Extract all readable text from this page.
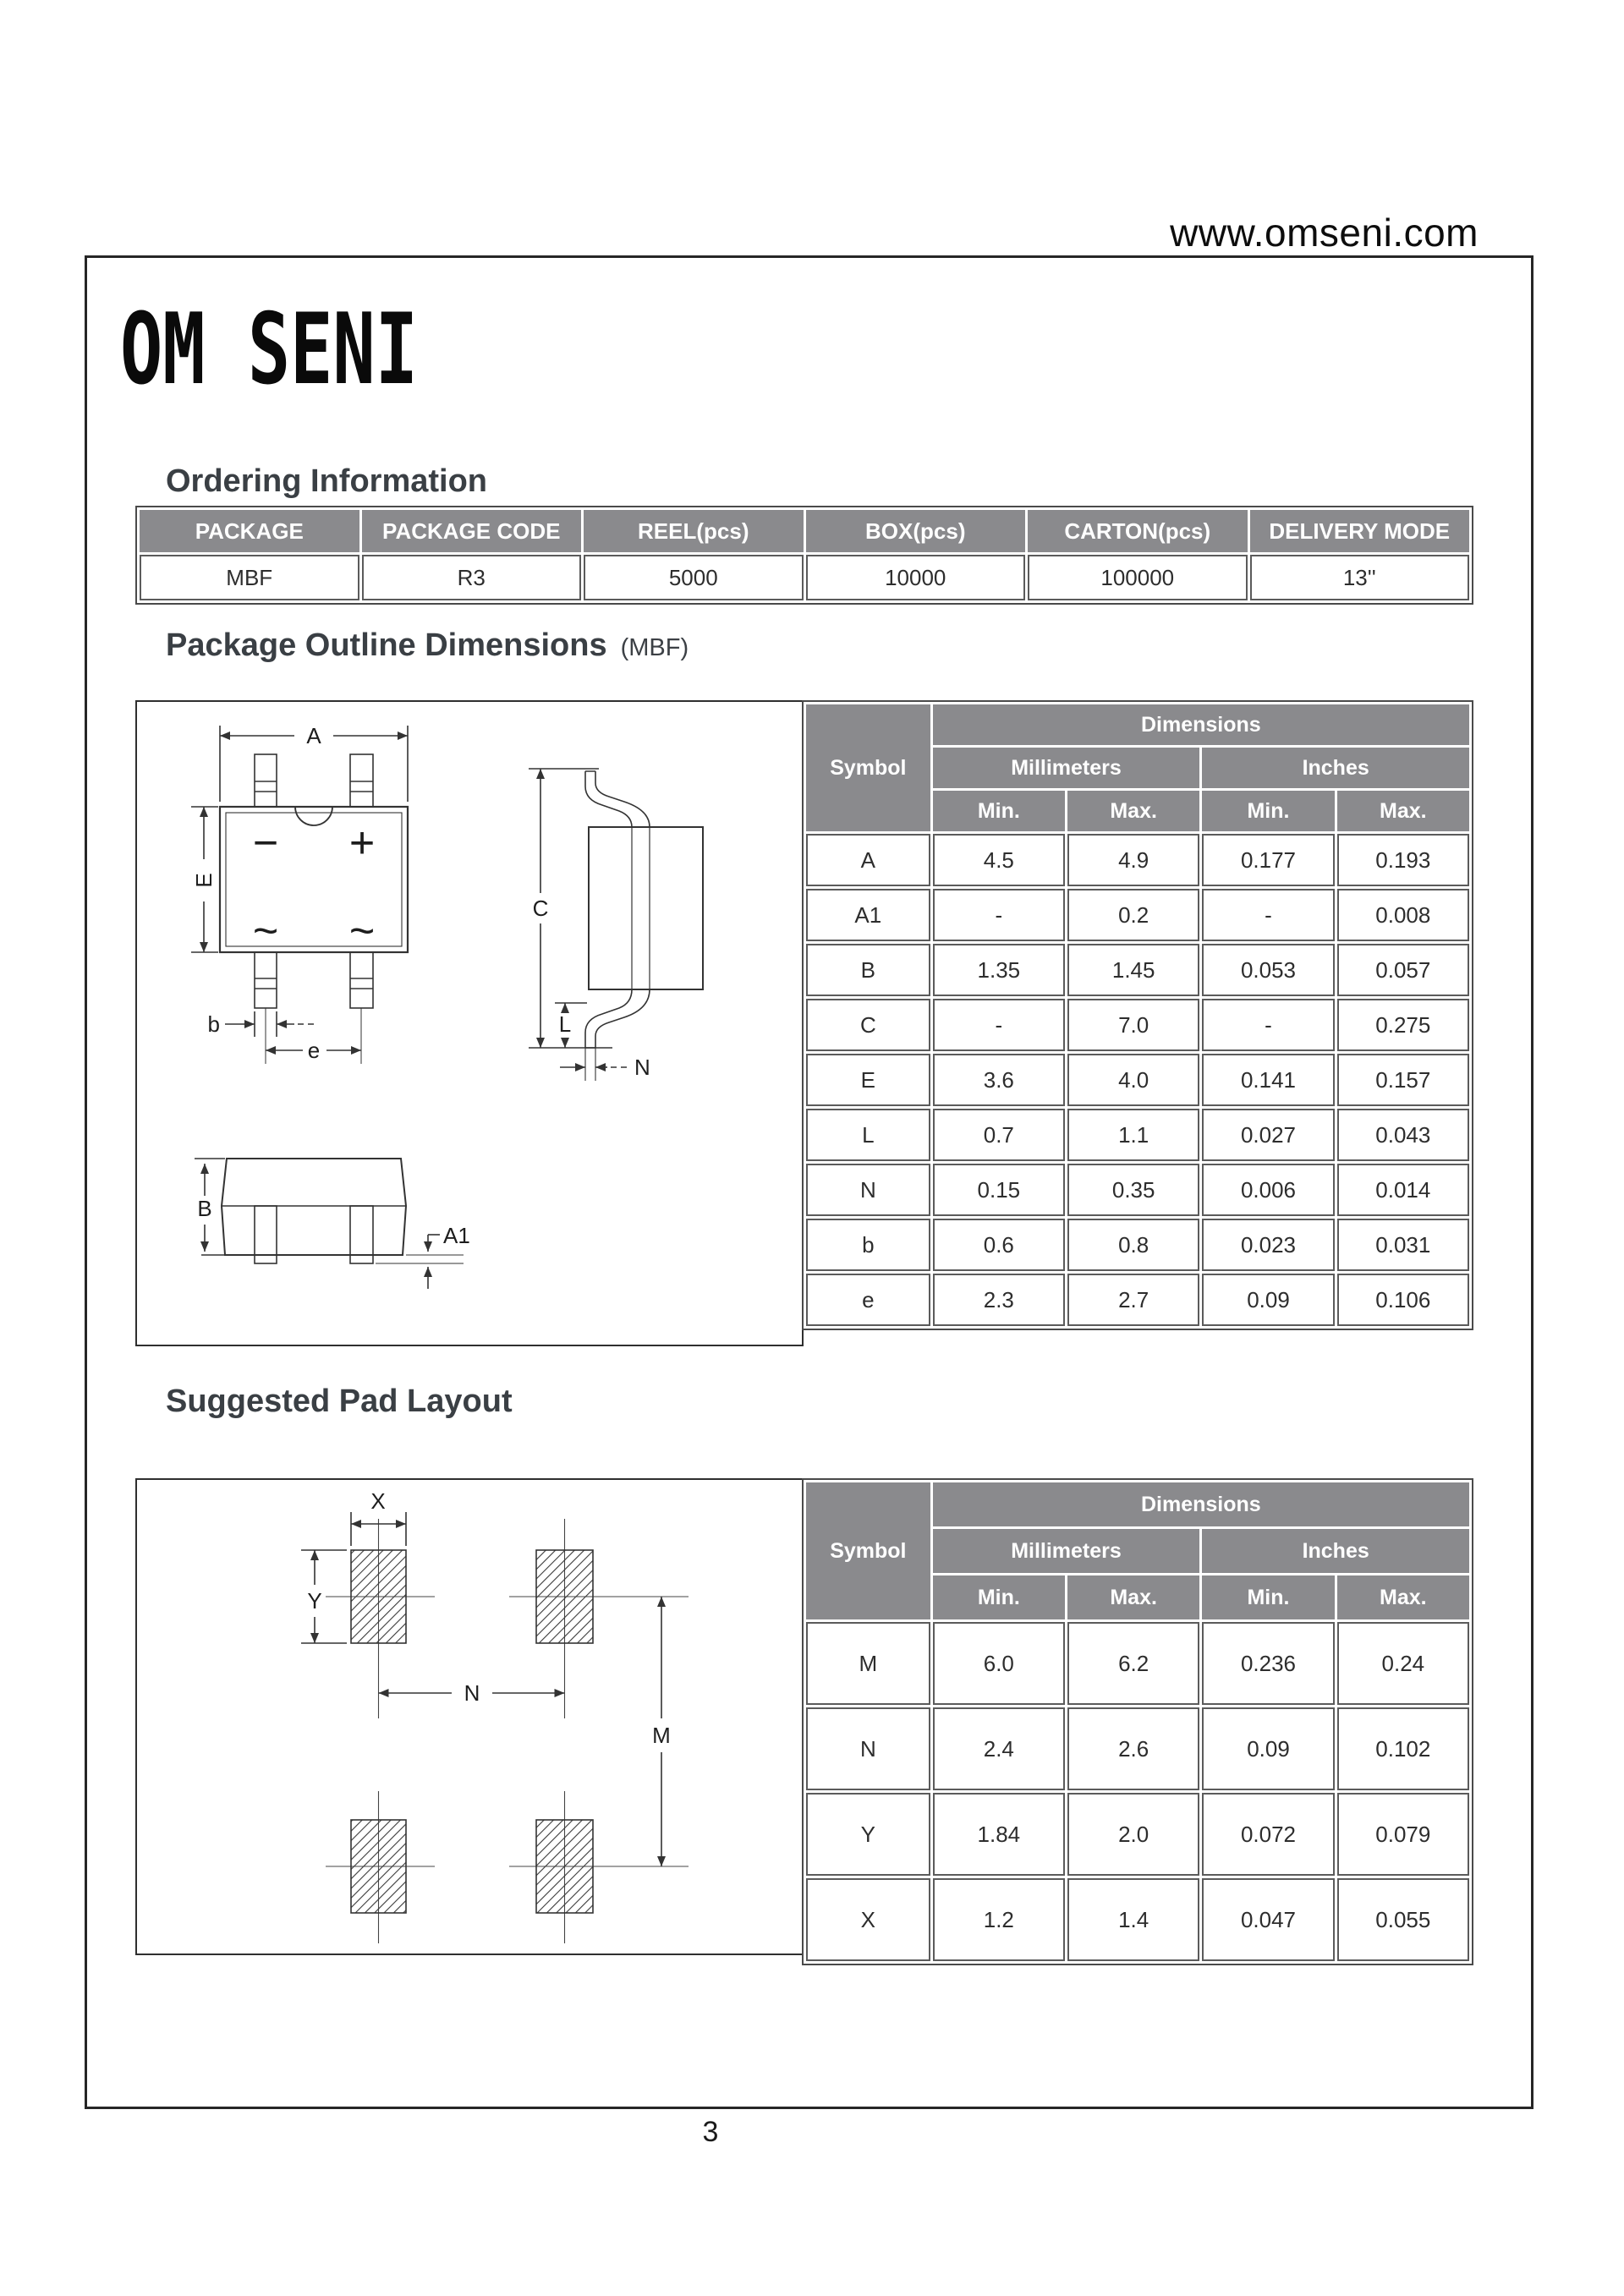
www.omseni.com
OM SENI
Ordering Information
PACKAGE	PACKAGE CODE	REEL(pcs)	BOX(pcs)	CARTON(pcs)	DELIVERY MODE
MBF	R3	5000	10000	100000	13''
Package Outline Dimensions (MBF)
A
E
− +
~ ~
b
e
C
L
N
B
A1
Symbol	Dimensions			
	Millimeters		Inches	
	Min.	Max.	Min.	Max.
A	4.5	4.9	0.177	0.193
A1	-	0.2	-	0.008
B	1.35	1.45	0.053	0.057
C	-	7.0	-	0.275
E	3.6	4.0	0.141	0.157
L	0.7	1.1	0.027	0.043
N	0.15	0.35	0.006	0.014
b	0.6	0.8	0.023	0.031
e	2.3	2.7	0.09	0.106
Suggested Pad Layout
X
Y
N
M
Symbol	Dimensions			
	Millimeters		Inches	
	Min.	Max.	Min.	Max.
M	6.0	6.2	0.236	0.24
N	2.4	2.6	0.09	0.102
Y	1.84	2.0	0.072	0.079
X	1.2	1.4	0.047	0.055
3
